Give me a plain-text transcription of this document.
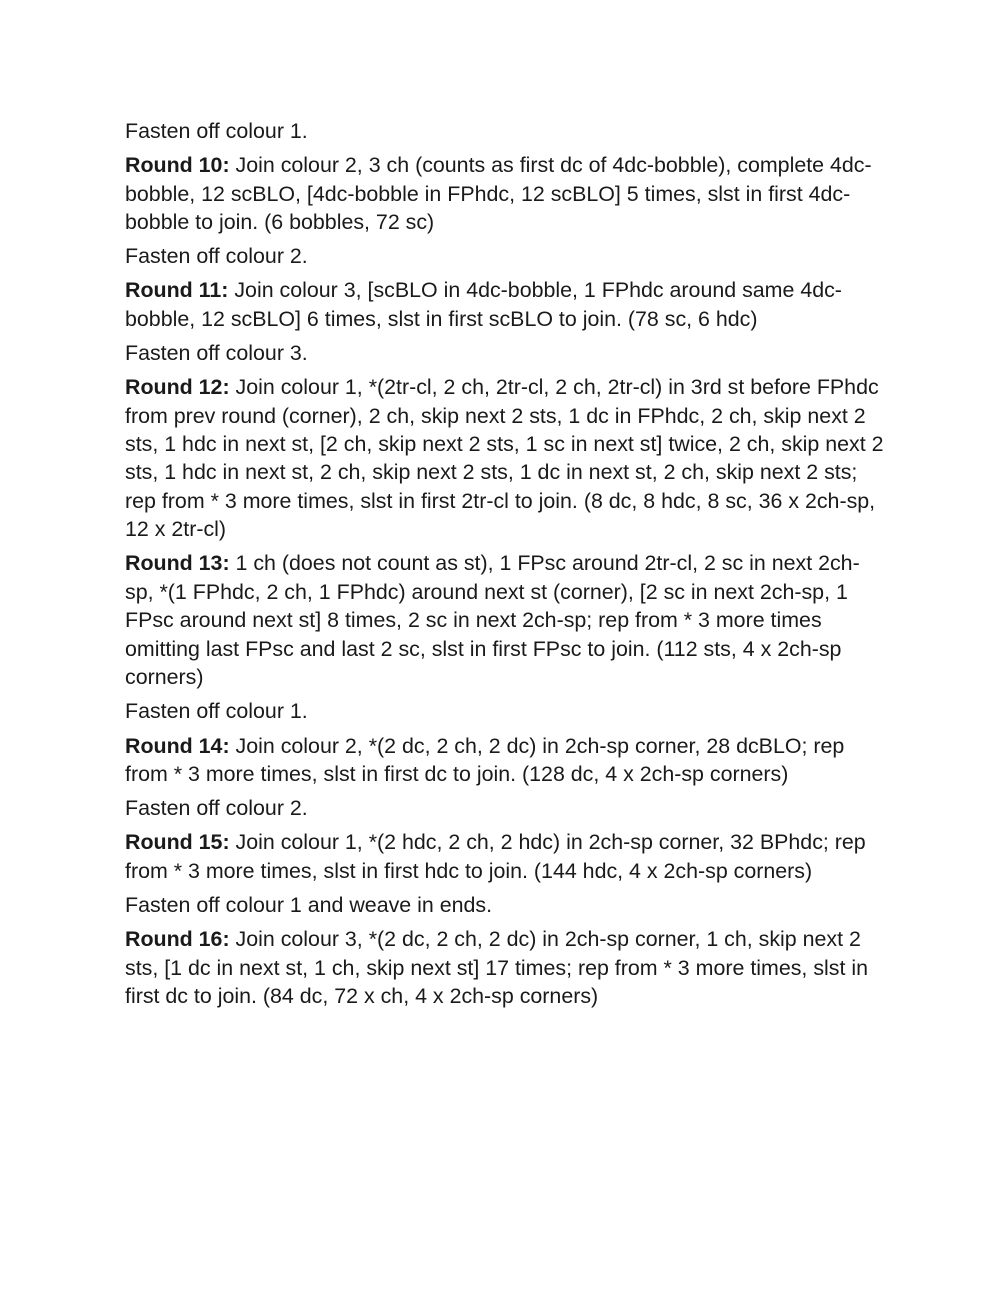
Fasten off colour 1.

Round 10: Join colour 2, 3 ch (counts as first dc of 4dc-bobble), complete 4dc-bobble, 12 scBLO, [4dc-bobble in FPhdc, 12 scBLO] 5 times, slst in first 4dc-bobble to join. (6 bobbles, 72 sc)

Fasten off colour 2.

Round 11: Join colour 3, [scBLO in 4dc-bobble, 1 FPhdc around same 4dc-bobble, 12 scBLO] 6 times, slst in first scBLO to join. (78 sc, 6 hdc)

Fasten off colour 3.

Round 12: Join colour 1, *(2tr-cl, 2 ch, 2tr-cl, 2 ch, 2tr-cl) in 3rd st before FPhdc from prev round (corner), 2 ch, skip next 2 sts, 1 dc in FPhdc, 2 ch, skip next 2 sts, 1 hdc in next st, [2 ch, skip next 2 sts, 1 sc in next st] twice, 2 ch, skip next 2 sts, 1 hdc in next st, 2 ch, skip next 2 sts, 1 dc in next st, 2 ch, skip next 2 sts; rep from * 3 more times, slst in first 2tr-cl to join. (8 dc, 8 hdc, 8 sc, 36 x 2ch-sp, 12 x 2tr-cl)

Round 13: 1 ch (does not count as st), 1 FPsc around 2tr-cl, 2 sc in next 2ch-sp, *(1 FPhdc, 2 ch, 1 FPhdc) around next st (corner), [2 sc in next 2ch-sp, 1 FPsc around next st] 8 times, 2 sc in next 2ch-sp; rep from * 3 more times omitting last FPsc and last 2 sc, slst in first FPsc to join. (112 sts, 4 x 2ch-sp corners)

Fasten off colour 1.

Round 14: Join colour 2, *(2 dc, 2 ch, 2 dc) in 2ch-sp corner, 28 dcBLO; rep from * 3 more times, slst in first dc to join. (128 dc, 4 x 2ch-sp corners)

Fasten off colour 2.

Round 15: Join colour 1, *(2 hdc, 2 ch, 2 hdc) in 2ch-sp corner, 32 BPhdc; rep from * 3 more times, slst in first hdc to join. (144 hdc, 4 x 2ch-sp corners)

Fasten off colour 1 and weave in ends.

Round 16: Join colour 3, *(2 dc, 2 ch, 2 dc) in 2ch-sp corner, 1 ch, skip next 2 sts, [1 dc in next st, 1 ch, skip next st] 17 times; rep from * 3 more times, slst in first dc to join. (84 dc, 72 x ch, 4 x 2ch-sp corners)
